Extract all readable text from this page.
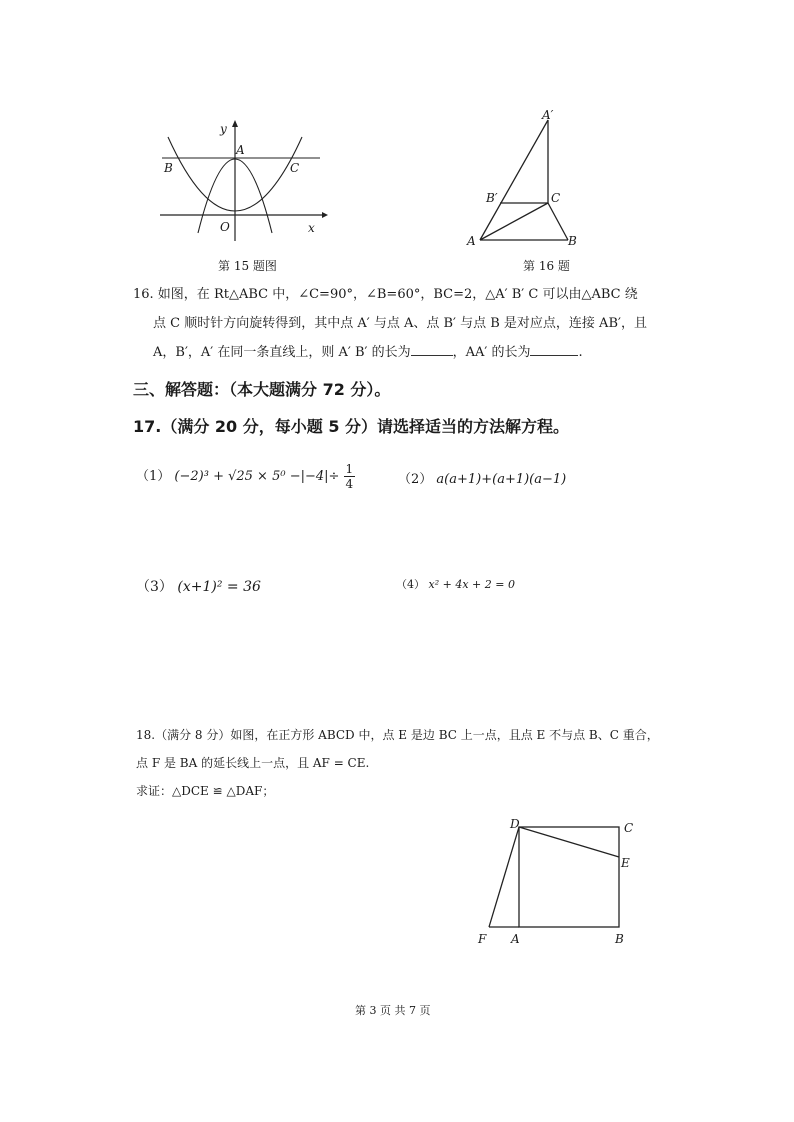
y
A
B	C
O	x
第 15 题图
A′
B′	C
A	B
第 16 题
16. 如图，在 Rt△ABC 中，∠C=90°，∠B=60°，BC=2，△A′ B′ C 可以由△ABC 绕
点 C 顺时针方向旋转得到，其中点 A′ 与点 A、点 B′ 与点 B 是对应点，连接 AB′，且
A，B′，A′ 在同一条直线上，则 A′ B′ 的长为	，AA′ 的长为	.
三、解答题：（本大题满分 72 分）。
17.（满分 20 分，每小题 5 分）请选择适当的方法解方程。
（1） $(-2)^3 + √25 \times 5^0 -|-4|\div \frac{1}{4}$	（2） a(a+1)+(a+1)(a−1)
（3） (x+1)² = 36	（4） x² + 4x + 2 = 0
18.（满分 8 分）如图，在正方形 ABCD 中，点 E 是边 BC 上一点，且点 E 不与点 B、C 重合，
点 F 是 BA 的延长线上一点，且 AF = CE.
求证：△DCE ≌ △DAF；
D	C
E
F A	B
第 3 页 共 7 页
